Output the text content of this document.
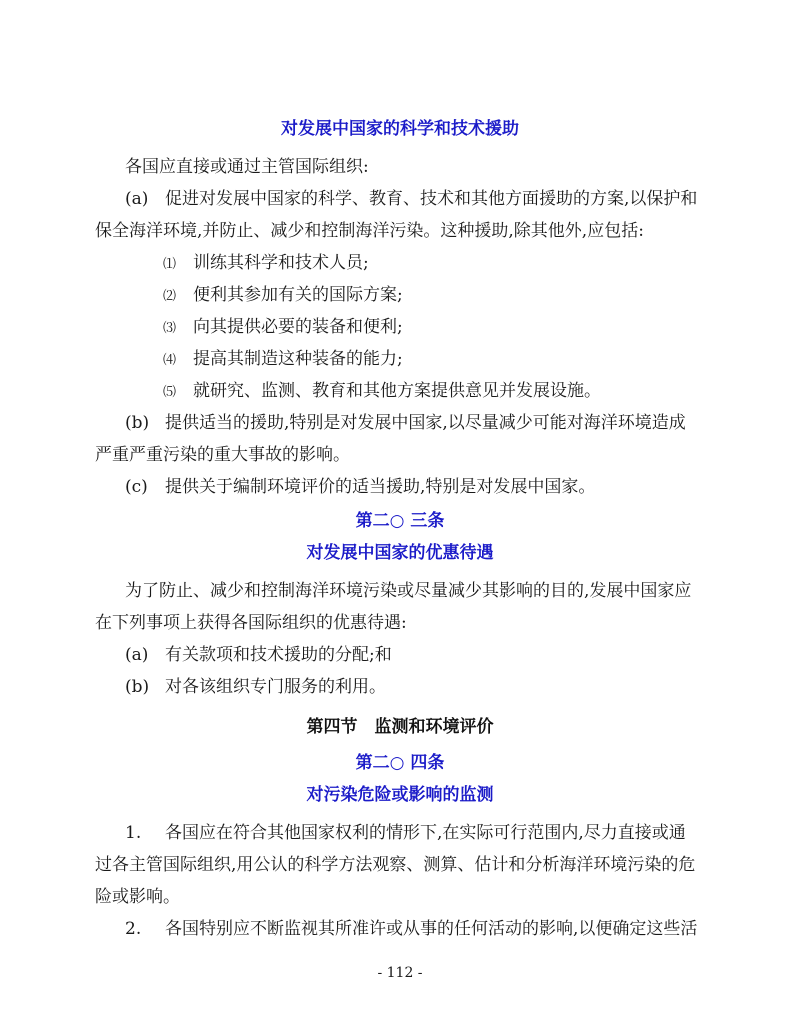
对发展中国家的科学和技术援助
各国应直接或通过主管国际组织:
(a) 促进对发展中国家的科学、教育、技术和其他方面援助的方案,以保护和
保全海洋环境,并防止、减少和控制海洋污染。这种援助,除其他外,应包括:
⑴ 训练其科学和技术人员;
⑵ 便利其参加有关的国际方案;
⑶ 向其提供必要的装备和便利;
⑷ 提高其制造这种装备的能力;
⑸ 就研究、监测、教育和其他方案提供意见并发展设施。
(b) 提供适当的援助,特别是对发展中国家,以尽量减少可能对海洋环境造成
严重严重污染的重大事故的影响。
(c) 提供关于编制环境评价的适当援助,特别是对发展中国家。
第二○ 三条
对发展中国家的优惠待遇
为了防止、减少和控制海洋环境污染或尽量减少其影响的目的,发展中国家应
在下列事项上获得各国际组织的优惠待遇:
(a) 有关款项和技术援助的分配;和
(b) 对各该组织专门服务的利用。
第四节　监测和环境评价
第二○ 四条
对污染危险或影响的监测
1. 各国应在符合其他国家权利的情形下,在实际可行范围内,尽力直接或通
过各主管国际组织,用公认的科学方法观察、测算、估计和分析海洋环境污染的危
险或影响。
2. 各国特别应不断监视其所准许或从事的任何活动的影响,以便确定这些活
- 112 -
